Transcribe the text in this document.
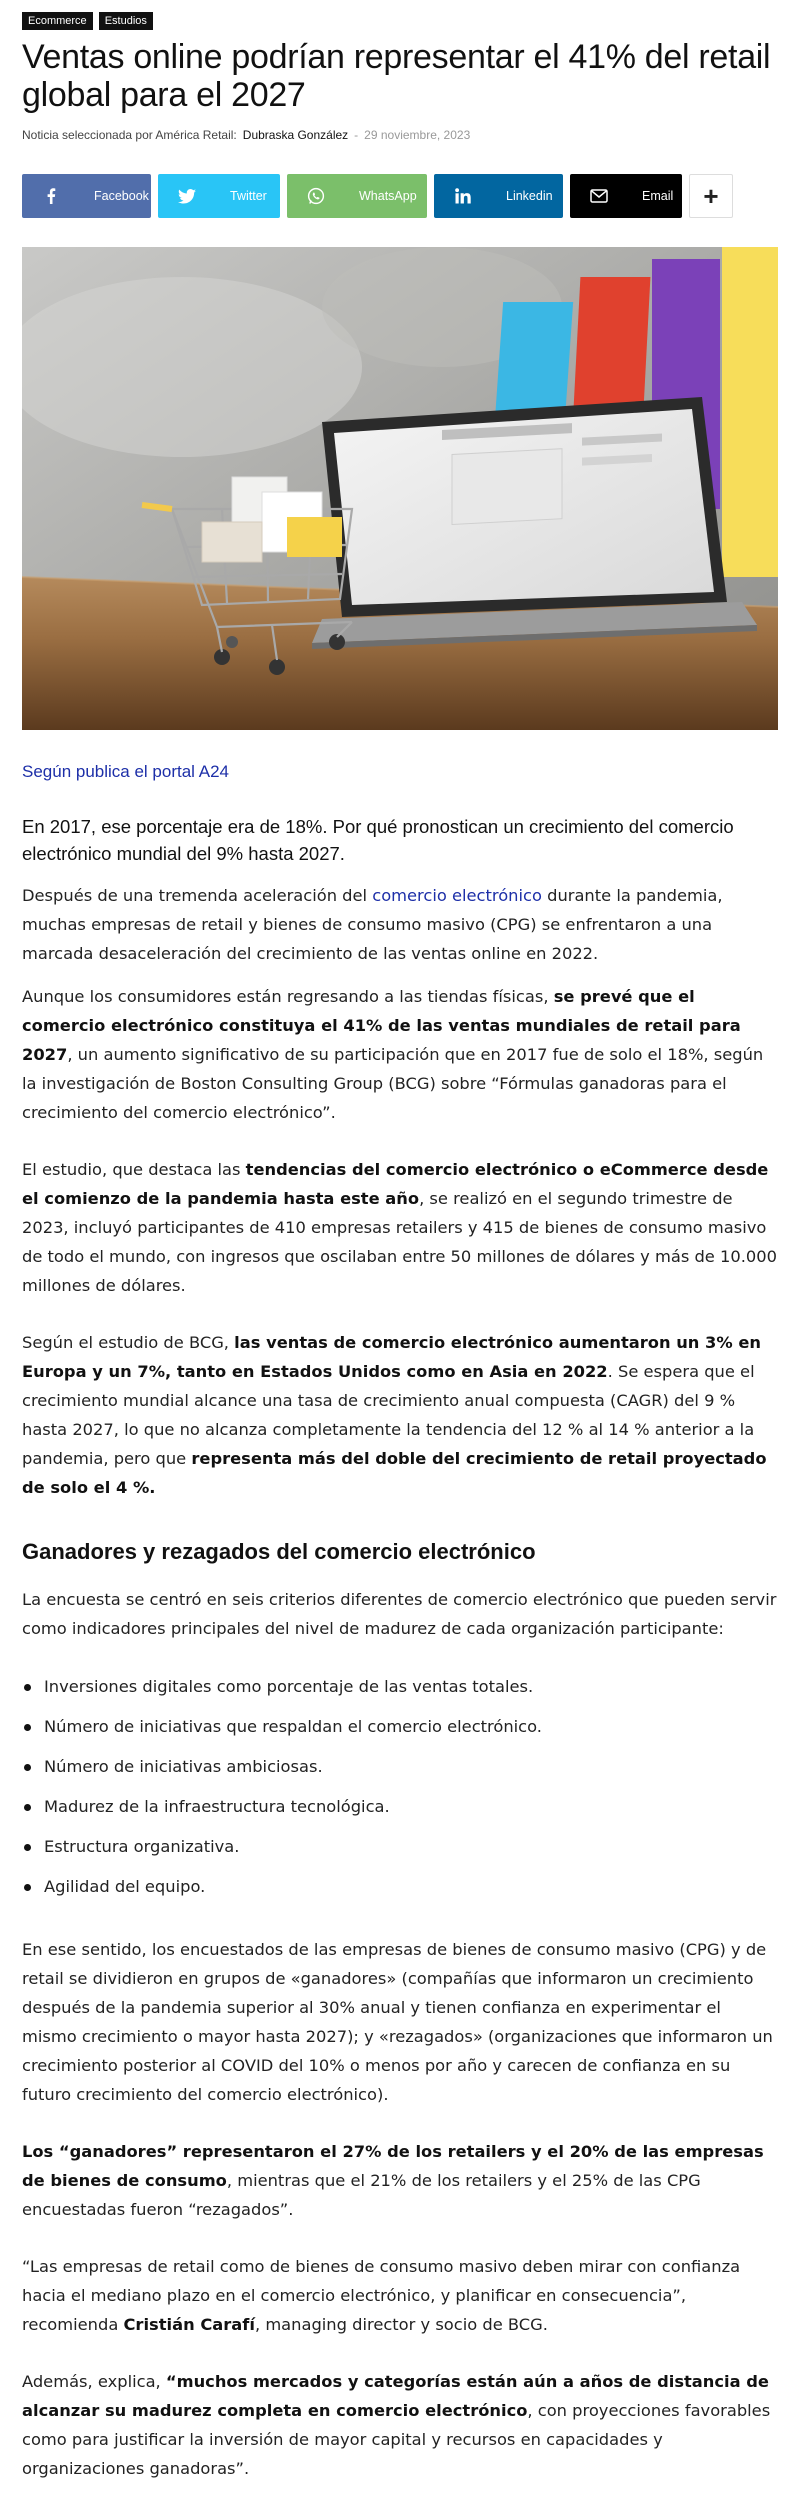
Ecommerce	Estudios
Ventas online podrían representar el 41% del retail global para el 2027
Noticia seleccionada por América Retail: Dubraska González - 29 noviembre, 2023
Facebook	Twitter	WhatsApp	Linkedin	Email +

Según publica el portal A24

En 2017, ese porcentaje era de 18%. Por qué pronostican un crecimiento del comercio electrónico mundial del 9% hasta 2027.

Después de una tremenda aceleración del comercio electrónico durante la pandemia, muchas empresas de retail y bienes de consumo masivo (CPG) se enfrentaron a una marcada desaceleración del crecimiento de las ventas online en 2022.

Aunque los consumidores están regresando a las tiendas físicas, se prevé que el comercio electrónico constituya el 41% de las ventas mundiales de retail para 2027, un aumento significativo de su participación que en 2017 fue de solo el 18%, según la investigación de Boston Consulting Group (BCG) sobre “Fórmulas ganadoras para el crecimiento del comercio electrónico”.

El estudio, que destaca las tendencias del comercio electrónico o eCommerce desde el comienzo de la pandemia hasta este año, se realizó en el segundo trimestre de 2023, incluyó participantes de 410 empresas retailers y 415 de bienes de consumo masivo de todo el mundo, con ingresos que oscilaban entre 50 millones de dólares y más de 10.000 millones de dólares.

Según el estudio de BCG, las ventas de comercio electrónico aumentaron un 3% en Europa y un 7%, tanto en Estados Unidos como en Asia en 2022. Se espera que el crecimiento mundial alcance una tasa de crecimiento anual compuesta (CAGR) del 9 % hasta 2027, lo que no alcanza completamente la tendencia del 12 % al 14 % anterior a la pandemia, pero que representa más del doble del crecimiento de retail proyectado de solo el 4 %.

Ganadores y rezagados del comercio electrónico

La encuesta se centró en seis criterios diferentes de comercio electrónico que pueden servir como indicadores principales del nivel de madurez de cada organización participante:

Inversiones digitales como porcentaje de las ventas totales.
Número de iniciativas que respaldan el comercio electrónico.
Número de iniciativas ambiciosas.
Madurez de la infraestructura tecnológica.
Estructura organizativa.
Agilidad del equipo.

En ese sentido, los encuestados de las empresas de bienes de consumo masivo (CPG) y de retail se dividieron en grupos de «ganadores» (compañías que informaron un crecimiento después de la pandemia superior al 30% anual y tienen confianza en experimentar el mismo crecimiento o mayor hasta 2027); y «rezagados» (organizaciones que informaron un crecimiento posterior al COVID del 10% o menos por año y carecen de confianza en su futuro crecimiento del comercio electrónico).

Los “ganadores” representaron el 27% de los retailers y el 20% de las empresas de bienes de consumo, mientras que el 21% de los retailers y el 25% de las CPG encuestadas fueron “rezagados”.

“Las empresas de retail como de bienes de consumo masivo deben mirar con confianza hacia el mediano plazo en el comercio electrónico, y planificar en consecuencia”, recomienda Cristián Carafí, managing director y socio de BCG.

Además, explica, “muchos mercados y categorías están aún a años de distancia de alcanzar su madurez completa en comercio electrónico, con proyecciones favorables como para justificar la inversión de mayor capital y recursos en capacidades y organizaciones ganadoras”.
